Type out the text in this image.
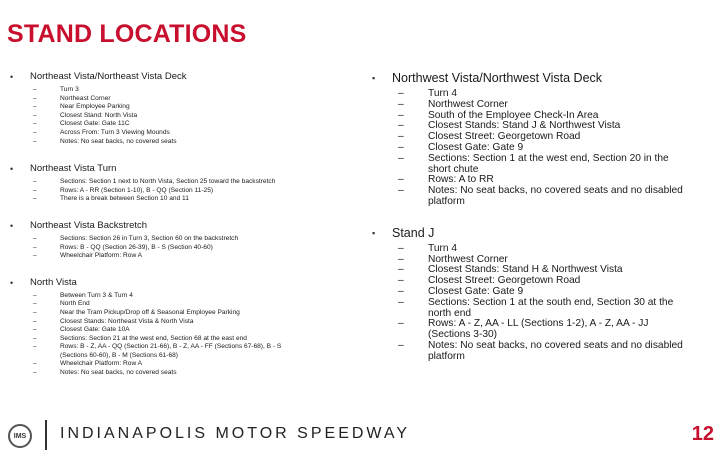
STAND LOCATIONS
•	Northeast Vista/Northeast Vista Deck
–	Turn 3
–	Northeast Corner
–	Near Employee Parking
–	Closest Stand: North Vista
–	Closest Gate: Gate 11C
–	Across From: Turn 3 Viewing Mounds
–	Notes: No seat backs, no covered seats
•	Northeast Vista Turn
–	Sections: Section 1 next to North Vista, Section 25 toward the backstretch
–	Rows: A - RR (Section 1-10), B - QQ (Section 11-25)
–	There is a break between Section 10 and 11
•	Northeast Vista Backstretch
–	Sections: Section 26 in Turn 3, Section 60 on the backstretch
–	Rows: B - QQ (Section 26-39), B - S (Section 40-60)
–	Wheelchair Platform: Row A
•	North Vista
–	Between Turn 3 & Turn 4
–	North End
–	Near the Tram Pickup/Drop off & Seasonal Employee Parking
–	Closest Stands: Northeast Vista & North Vista
–	Closest Gate: Gate 10A
–	Sections: Section 21 at the west end, Section 68 at the east end
–	Rows: B - Z, AA - QQ (Section 21-66), B - Z, AA - FF (Sections 67-68), B - S (Sections 60-60), B - M (Sections 61-68)
–	Wheelchair Platform: Row A
–	Notes: No seat backs, no covered seats
▪	Northwest Vista/Northwest Vista Deck
–	Turn 4
–	Northwest Corner
–	South of the Employee Check-In Area
–	Closest Stands: Stand J & Northwest Vista
–	Closest Street: Georgetown Road
–	Closest Gate: Gate 9
–	Sections: Section 1 at the west end, Section 20 in the short chute
–	Rows: A to RR
–	Notes: No seat backs, no covered seats and no disabled platform
▪	Stand J
–	Turn 4
–	Northwest Corner
–	Closest Stands: Stand H & Northwest Vista
–	Closest Street: Georgetown Road
–	Closest Gate: Gate 9
–	Sections: Section 1 at the south end, Section 30 at the north end
–	Rows: A - Z, AA - LL (Sections 1-2), A - Z, AA - JJ (Sections 3-30)
–	Notes: No seat backs, no covered seats and no disabled platform
IMS	INDIANAPOLIS MOTOR SPEEDWAY	12
